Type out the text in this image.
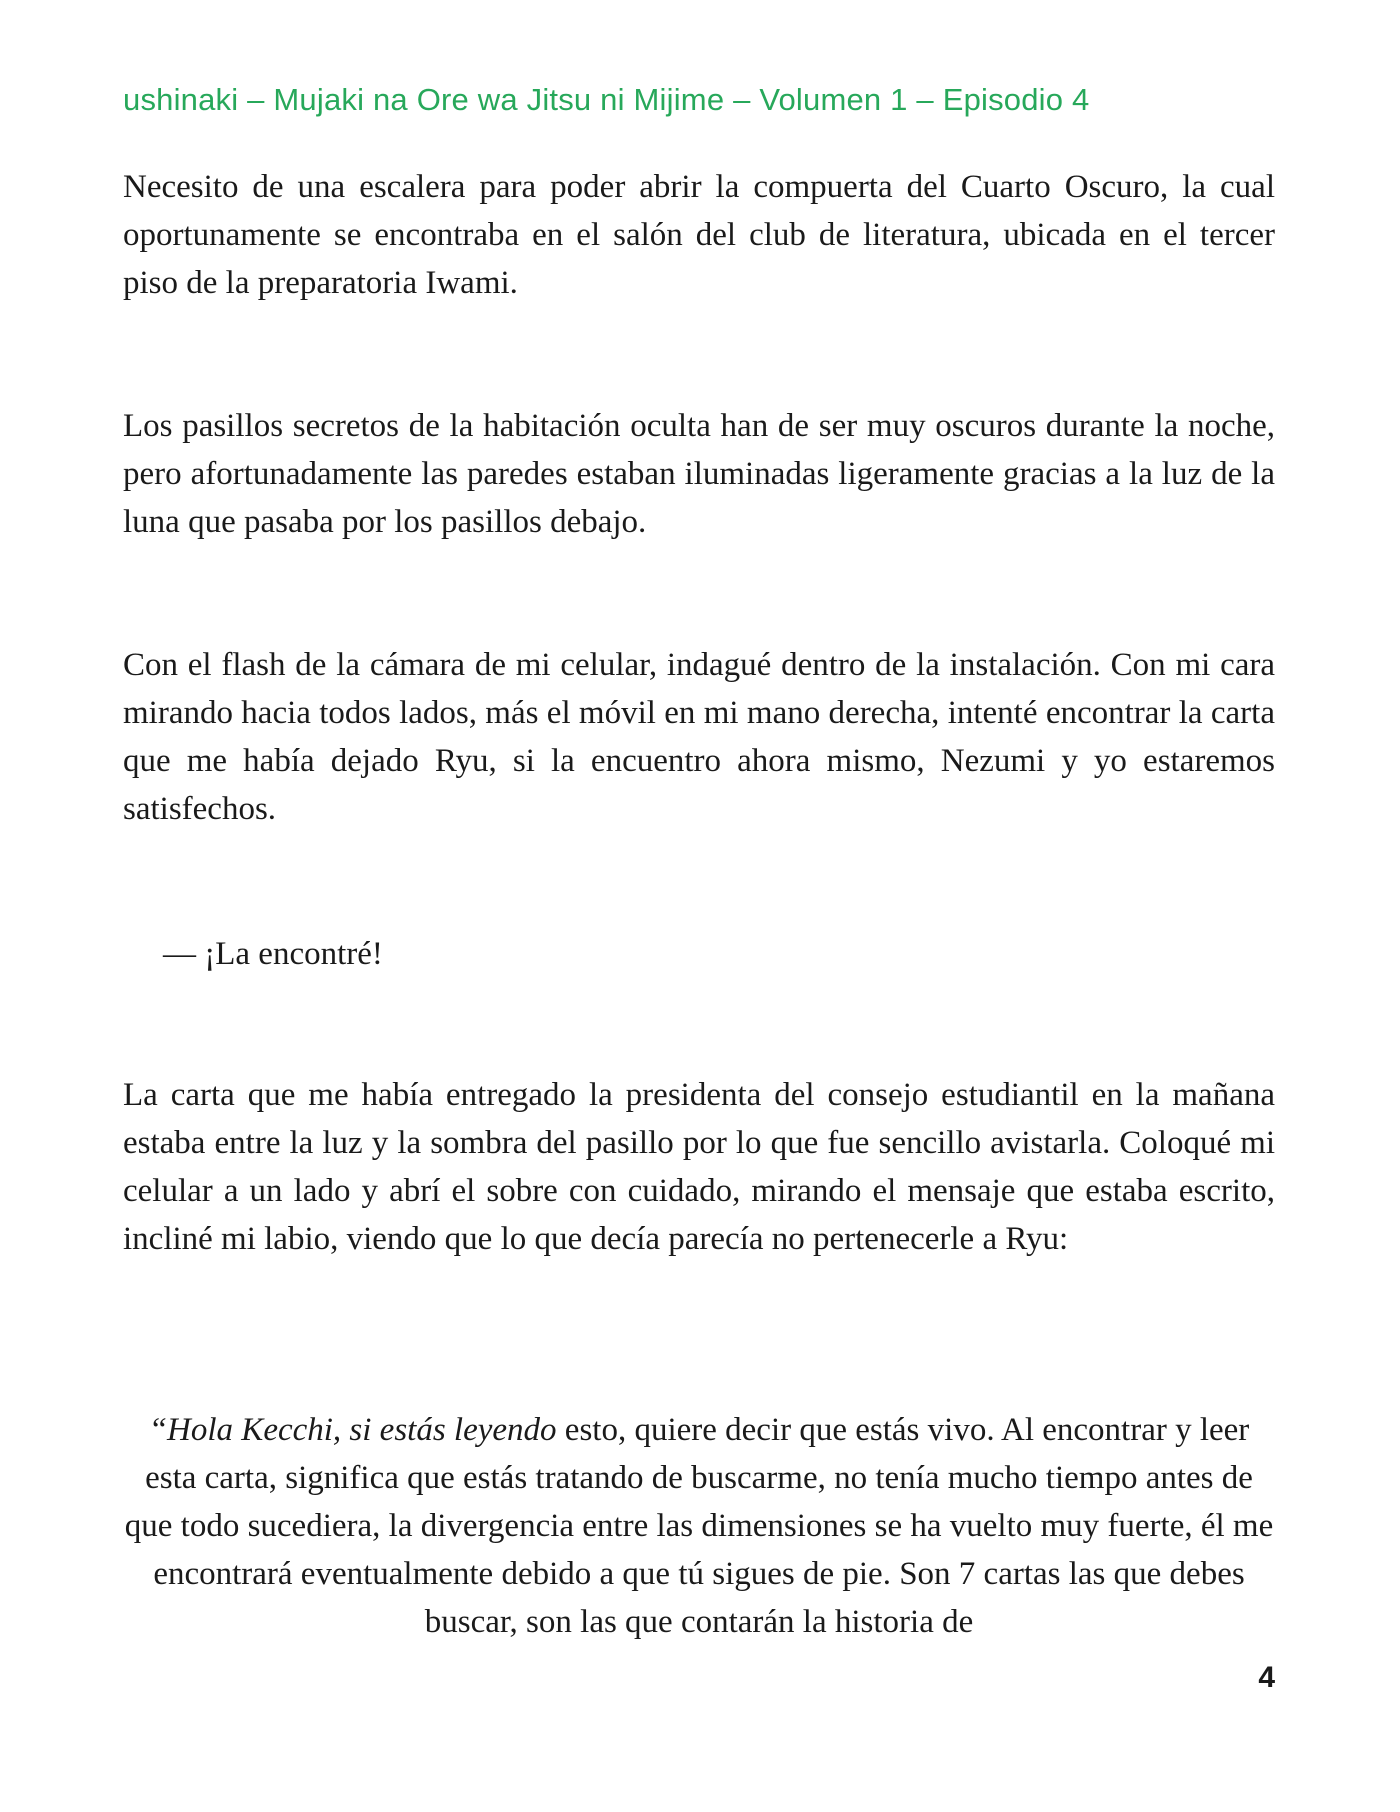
ushinaki – Mujaki na Ore wa Jitsu ni Mijime – Volumen 1 – Episodio 4

Necesito de una escalera para poder abrir la compuerta del Cuarto Oscuro, la cual oportunamente se encontraba en el salón del club de literatura, ubicada en el tercer piso de la preparatoria Iwami.

Los pasillos secretos de la habitación oculta han de ser muy oscuros durante la noche, pero afortunadamente las paredes estaban iluminadas ligeramente gracias a la luz de la luna que pasaba por los pasillos debajo.

Con el flash de la cámara de mi celular, indagué dentro de la instalación. Con mi cara mirando hacia todos lados, más el móvil en mi mano derecha, intenté encontrar la carta que me había dejado Ryu, si la encuentro ahora mismo, Nezumi y yo estaremos satisfechos.

— ¡La encontré!

La carta que me había entregado la presidenta del consejo estudiantil en la mañana estaba entre la luz y la sombra del pasillo por lo que fue sencillo avistarla. Coloqué mi celular a un lado y abrí el sobre con cuidado, mirando el mensaje que estaba escrito, incliné mi labio, viendo que lo que decía parecía no pertenecerle a Ryu:

“Hola Kecchi, si estás leyendo esto, quiere decir que estás vivo. Al encontrar y leer esta carta, significa que estás tratando de buscarme, no tenía mucho tiempo antes de que todo sucediera, la divergencia entre las dimensiones se ha vuelto muy fuerte, él me encontrará eventualmente debido a que tú sigues de pie. Son 7 cartas las que debes buscar, son las que contarán la historia de

4
